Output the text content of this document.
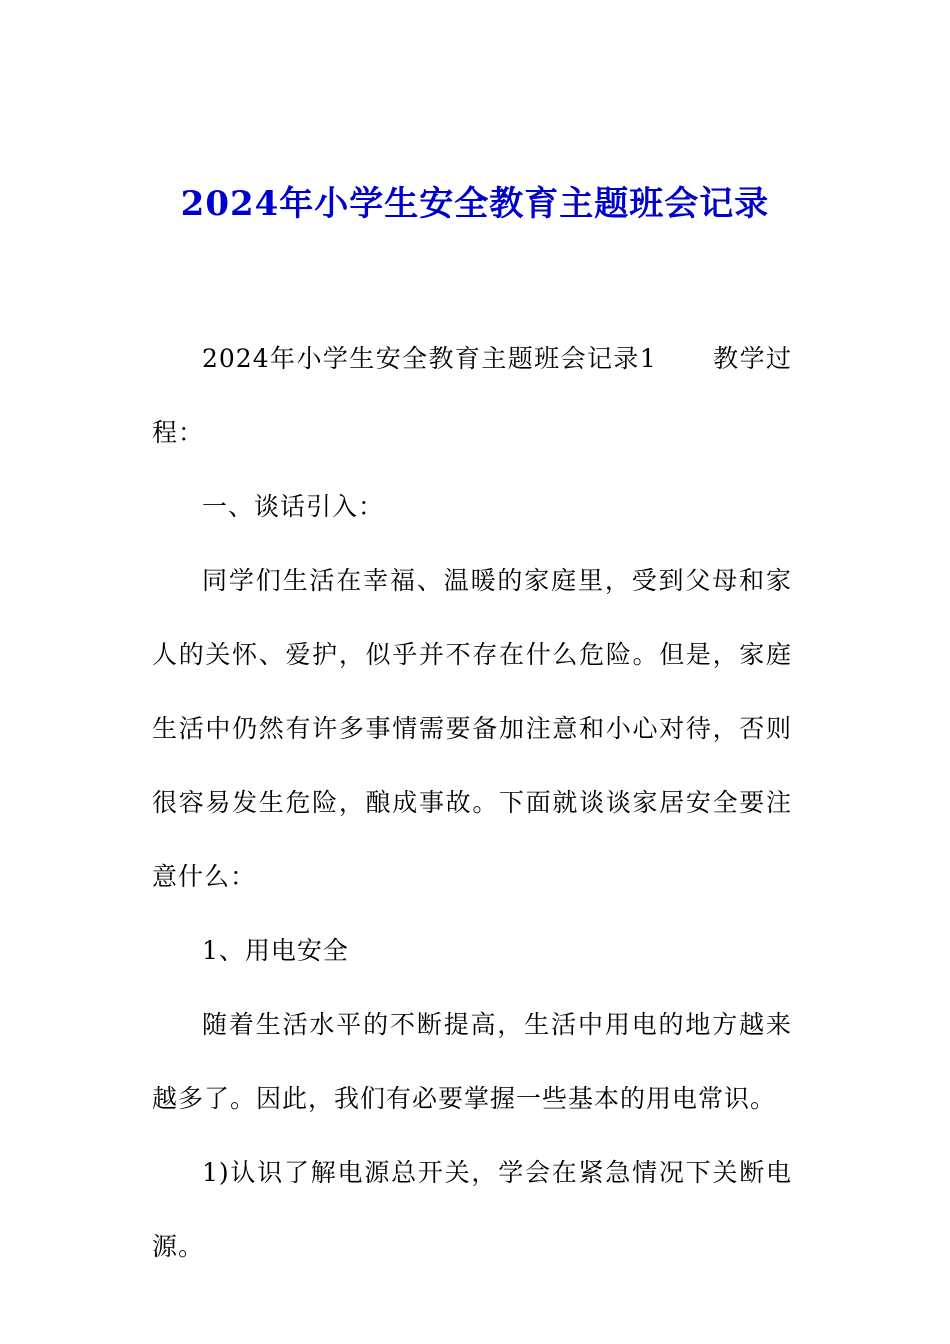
2024年小学生安全教育主题班会记录

2024年小学生安全教育主题班会记录1 教学过程：

一、谈话引入：

同学们生活在幸福、温暖的家庭里，受到父母和家人的关怀、爱护，似乎并不存在什么危险。但是，家庭生活中仍然有许多事情需要备加注意和小心对待，否则很容易发生危险，酿成事故。下面就谈谈家居安全要注意什么：

1、用电安全

随着生活水平的不断提高，生活中用电的地方越来越多了。因此，我们有必要掌握一些基本的用电常识。

1)认识了解电源总开关，学会在紧急情况下关断电源。
